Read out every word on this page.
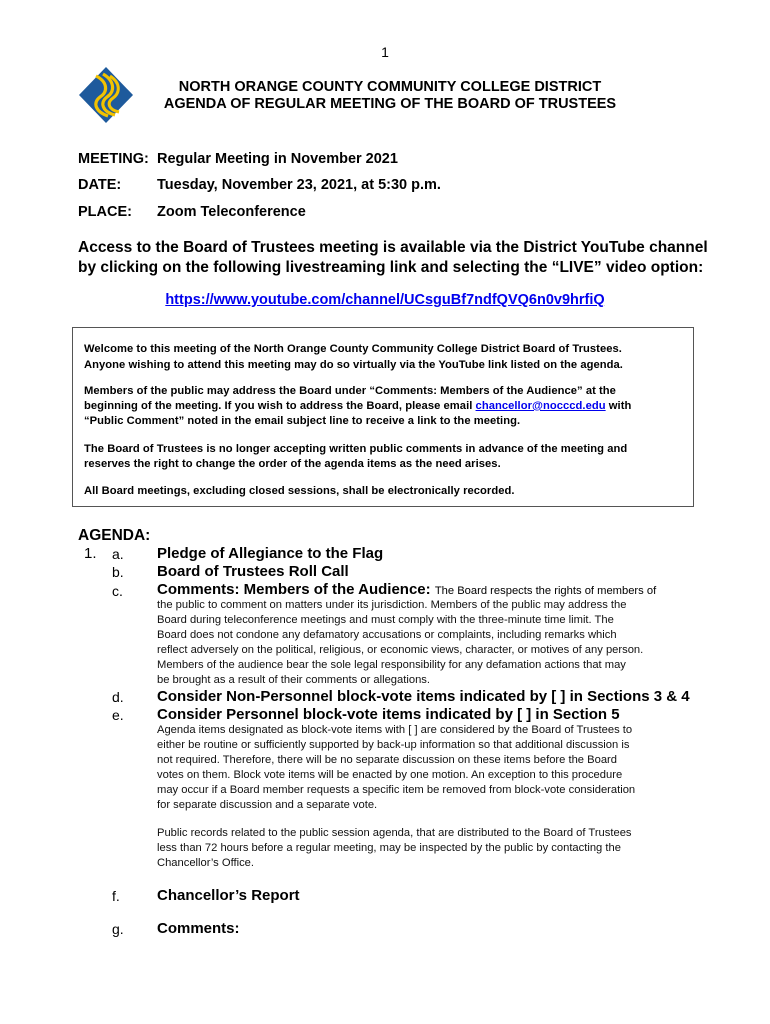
1
NORTH ORANGE COUNTY COMMUNITY COLLEGE DISTRICT
AGENDA OF REGULAR MEETING OF THE BOARD OF TRUSTEES
MEETING: Regular Meeting in November 2021
DATE: Tuesday, November 23, 2021, at 5:30 p.m.
PLACE: Zoom Teleconference
Access to the Board of Trustees meeting is available via the District YouTube channel
by clicking on the following livestreaming link and selecting the “LIVE” video option:
https://www.youtube.com/channel/UCsguBf7ndfQVQ6n0v9hrfiQ
Welcome to this meeting of the North Orange County Community College District Board of Trustees.
Anyone wishing to attend this meeting may do so virtually via the YouTube link listed on the agenda.
Members of the public may address the Board under “Comments: Members of the Audience” at the
beginning of the meeting. If you wish to address the Board, please email chancellor@nocccd.edu with
“Public Comment” noted in the email subject line to receive a link to the meeting.
The Board of Trustees is no longer accepting written public comments in advance of the meeting and
reserves the right to change the order of the agenda items as the need arises.
All Board meetings, excluding closed sessions, shall be electronically recorded.
AGENDA:
1. a. Pledge of Allegiance to the Flag
b. Board of Trustees Roll Call
c. Comments: Members of the Audience: The Board respects the rights of members of
the public to comment on matters under its jurisdiction. Members of the public may address the
Board during teleconference meetings and must comply with the three-minute time limit. The
Board does not condone any defamatory accusations or complaints, including remarks which
reflect adversely on the political, religious, or economic views, character, or motives of any person.
Members of the audience bear the sole legal responsibility for any defamation actions that may
be brought as a result of their comments or allegations.
d. Consider Non-Personnel block-vote items indicated by [ ] in Sections 3 & 4
e. Consider Personnel block-vote items indicated by [ ] in Section 5
Agenda items designated as block-vote items with [ ] are considered by the Board of Trustees to
either be routine or sufficiently supported by back-up information so that additional discussion is
not required. Therefore, there will be no separate discussion on these items before the Board
votes on them. Block vote items will be enacted by one motion. An exception to this procedure
may occur if a Board member requests a specific item be removed from block-vote consideration
for separate discussion and a separate vote.
Public records related to the public session agenda, that are distributed to the Board of Trustees
less than 72 hours before a regular meeting, may be inspected by the public by contacting the
Chancellor’s Office.
f. Chancellor’s Report
g. Comments:
